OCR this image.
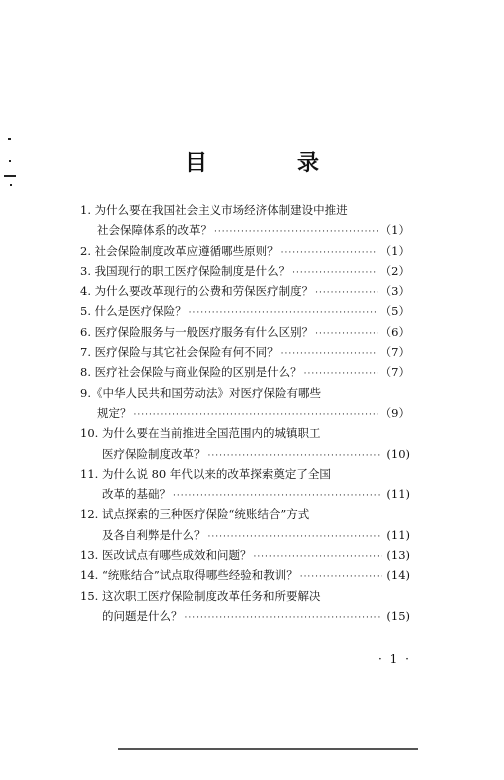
目　录
1. 为什么要在我国社会主义市场经济体制建设中推进
社会保障体系的改革？ ·····	（1）
2. 社会保险制度改革应遵循哪些原则？ ·····	（1）
3. 我国现行的职工医疗保险制度是什么？ ·····	（2）
4. 为什么要改革现行的公费和劳保医疗制度？ ·····	（3）
5. 什么是医疗保险？ ·····	（5）
6. 医疗保险服务与一般医疗服务有什么区别？ ·····	（6）
7. 医疗保险与其它社会保险有何不同？ ·····	（7）
8. 医疗社会保险与商业保险的区别是什么？ ·····	（7）
9.《中华人民共和国劳动法》对医疗保险有哪些
规定？ ·····	（9）
10. 为什么要在当前推进全国范围内的城镇职工
医疗保险制度改革？ ·····	(10)
11. 为什么说 80 年代以来的改革探索奠定了全国
改革的基础？ ·····	(11)
12. 试点探索的三种医疗保险“统账结合”方式
及各自利弊是什么？ ·····	(11)
13. 医改试点有哪些成效和问题？ ·····	(13)
14. “统账结合”试点取得哪些经验和教训？ ·····	(14)
15. 这次职工医疗保险制度改革任务和所要解决
的问题是什么？ ·····	(15)
· 1 ·
